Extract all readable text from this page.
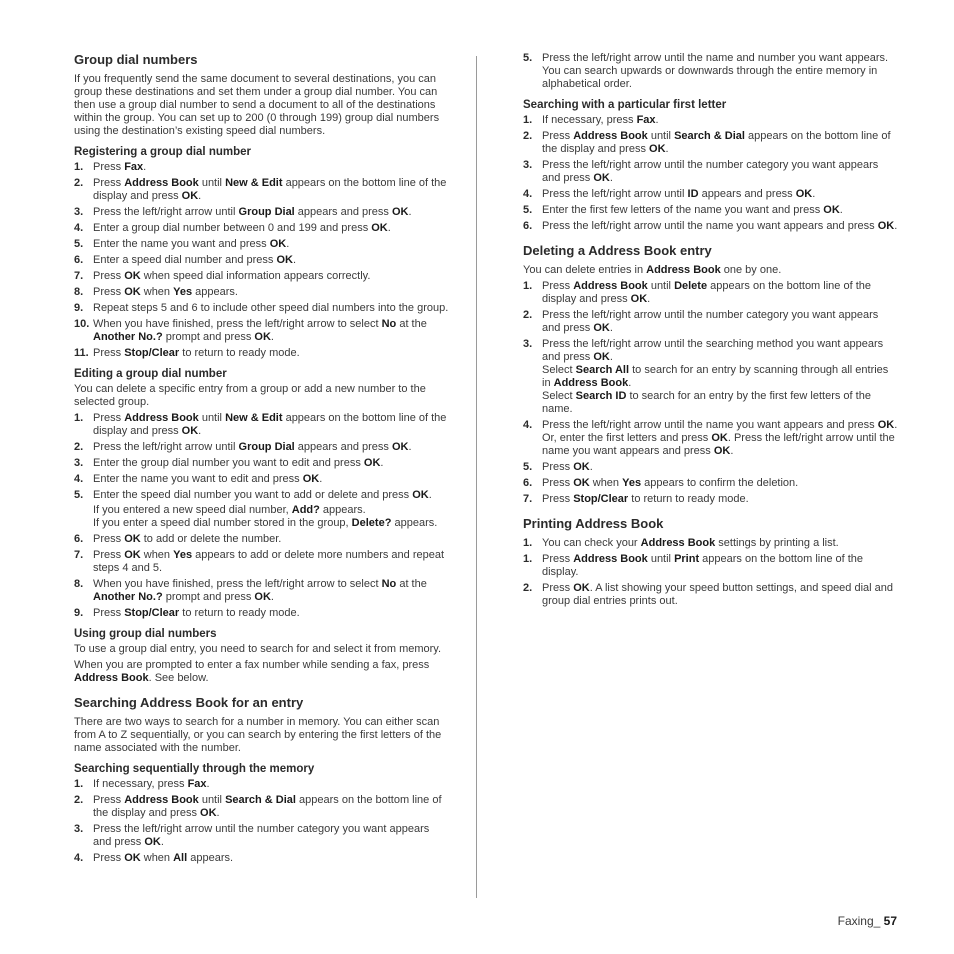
Group dial numbers
If you frequently send the same document to several destinations, you can group these destinations and set them under a group dial number. You can then use a group dial number to send a document to all of the destinations within the group. You can set up to 200 (0 through 199) group dial numbers using the destination’s existing speed dial numbers.
Registering a group dial number
1. Press Fax.
2. Press Address Book until New & Edit appears on the bottom line of the display and press OK.
3. Press the left/right arrow until Group Dial appears and press OK.
4. Enter a group dial number between 0 and 199 and press OK.
5. Enter the name you want and press OK.
6. Enter a speed dial number and press OK.
7. Press OK when speed dial information appears correctly.
8. Press OK when Yes appears.
9. Repeat steps 5 and 6 to include other speed dial numbers into the group.
10. When you have finished, press the left/right arrow to select No at the Another No.? prompt and press OK.
11. Press Stop/Clear to return to ready mode.
Editing a group dial number
You can delete a specific entry from a group or add a new number to the selected group.
1. Press Address Book until New & Edit appears on the bottom line of the display and press OK.
2. Press the left/right arrow until Group Dial appears and press OK.
3. Enter the group dial number you want to edit and press OK.
4. Enter the name you want to edit and press OK.
5. Enter the speed dial number you want to add or delete and press OK.
If you entered a new speed dial number, Add? appears.
If you enter a speed dial number stored in the group, Delete? appears.
6. Press OK to add or delete the number.
7. Press OK when Yes appears to add or delete more numbers and repeat steps 4 and 5.
8. When you have finished, press the left/right arrow to select No at the Another No.? prompt and press OK.
9. Press Stop/Clear to return to ready mode.
Using group dial numbers
To use a group dial entry, you need to search for and select it from memory.
When you are prompted to enter a fax number while sending a fax, press Address Book. See below.
Searching Address Book for an entry
There are two ways to search for a number in memory. You can either scan from A to Z sequentially, or you can search by entering the first letters of the name associated with the number.
Searching sequentially through the memory
1. If necessary, press Fax.
2. Press Address Book until Search & Dial appears on the bottom line of the display and press OK.
3. Press the left/right arrow until the number category you want appears and press OK.
4. Press OK when All appears.
5. Press the left/right arrow until the name and number you want appears. You can search upwards or downwards through the entire memory in alphabetical order.
Searching with a particular first letter
1. If necessary, press Fax.
2. Press Address Book until Search & Dial appears on the bottom line of the display and press OK.
3. Press the left/right arrow until the number category you want appears and press OK.
4. Press the left/right arrow until ID appears and press OK.
5. Enter the first few letters of the name you want and press OK.
6. Press the left/right arrow until the name you want appears and press OK.
Deleting a Address Book entry
You can delete entries in Address Book one by one.
1. Press Address Book until Delete appears on the bottom line of the display and press OK.
2. Press the left/right arrow until the number category you want appears and press OK.
3. Press the left/right arrow until the searching method you want appears and press OK.
Select Search All to search for an entry by scanning through all entries in Address Book.
Select Search ID to search for an entry by the first few letters of the name.
4. Press the left/right arrow until the name you want appears and press OK.
Or, enter the first letters and press OK. Press the left/right arrow until the name you want appears and press OK.
5. Press OK.
6. Press OK when Yes appears to confirm the deletion.
7. Press Stop/Clear to return to ready mode.
Printing Address Book
1. You can check your Address Book settings by printing a list.
1. Press Address Book until Print appears on the bottom line of the display.
2. Press OK. A list showing your speed button settings, and speed dial and group dial entries prints out.
Faxing_ 57
